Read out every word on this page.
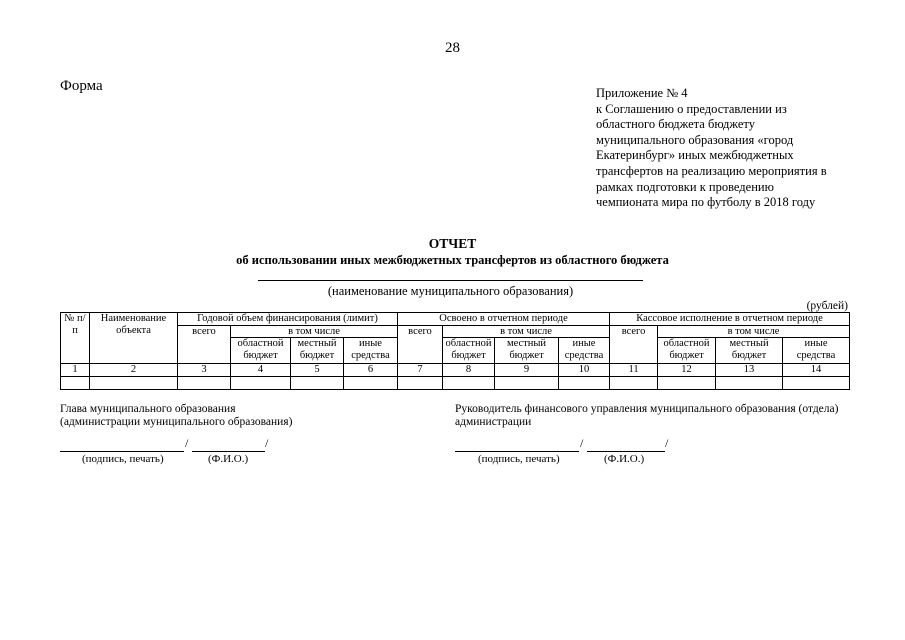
28
Форма	Приложение № 4
к Соглашению о предоставлении из
областного бюджета бюджету
муниципального образования «город
Екатеринбург» иных межбюджетных
трансфертов на реализацию мероприятия в
рамках подготовки к проведению
чемпионата мира по футболу в 2018 году
ОТЧЕТ
об использовании иных межбюджетных трансфертов из областного бюджета
(наименование муниципального образования)
(рублей)
№ п/п	Наименование объекта	Годовой объем финансирования (лимит)				Освоено в отчетном периоде				Кассовое исполнение в отчетном периоде			
		всего	в том числе			всего	в том числе			всего	в том числе		
			областной бюджет	местный бюджет	иные средства		областной бюджет	местный бюджет	иные средства		областной бюджет	местный бюджет	иные средства
1	2	3	4	5	6	7	8	9	10	11	12	13	14

Глава муниципального образования
(администрации муниципального образования)
/	/
(подпись, печать)	(Ф.И.О.)
Руководитель финансового управления муниципального образования (отдела)
администрации
/	/
(подпись, печать)	(Ф.И.О.)
